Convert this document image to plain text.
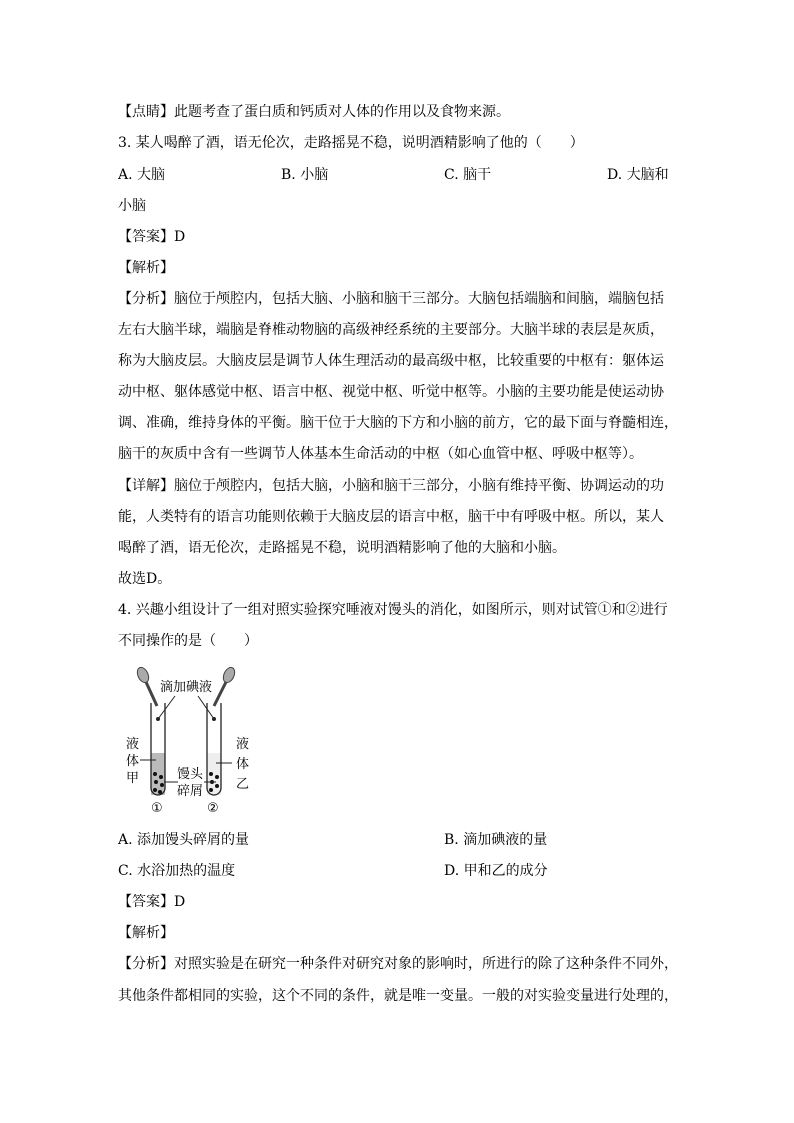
【点睛】此题考查了蛋白质和钙质对人体的作用以及食物来源。
3. 某人喝醉了酒，语无伦次，走路摇晃不稳，说明酒精影响了他的（　　）
A. 大脑	B. 小脑	C. 脑干	D. 大脑和
小脑
【答案】D
【解析】
【分析】脑位于颅腔内，包括大脑、小脑和脑干三部分。大脑包括端脑和间脑，端脑包括
左右大脑半球，端脑是脊椎动物脑的高级神经系统的主要部分。大脑半球的表层是灰质，
称为大脑皮层。大脑皮层是调节人体生理活动的最高级中枢，比较重要的中枢有：躯体运
动中枢、躯体感觉中枢、语言中枢、视觉中枢、听觉中枢等。小脑的主要功能是使运动协
调、准确，维持身体的平衡。脑干位于大脑的下方和小脑的前方，它的最下面与脊髓相连，
脑干的灰质中含有一些调节人体基本生命活动的中枢（如心血管中枢、呼吸中枢等）。
【详解】脑位于颅腔内，包括大脑，小脑和脑干三部分，小脑有维持平衡、协调运动的功
能，人类特有的语言功能则依赖于大脑皮层的语言中枢，脑干中有呼吸中枢。所以，某人
喝醉了酒，语无伦次，走路摇晃不稳，说明酒精影响了他的大脑和小脑。
故选D。
4. 兴趣小组设计了一组对照实验探究唾液对馒头的消化，如图所示，则对试管①和②进行
不同操作的是（　　）
滴加碘液
液
体
甲
液
体
乙
馒头
碎屑
①	②
A. 添加馒头碎屑的量	B. 滴加碘液的量
C. 水浴加热的温度	D. 甲和乙的成分
【答案】D
【解析】
【分析】对照实验是在研究一种条件对研究对象的影响时，所进行的除了这种条件不同外，
其他条件都相同的实验，这个不同的条件，就是唯一变量。一般的对实验变量进行处理的，
